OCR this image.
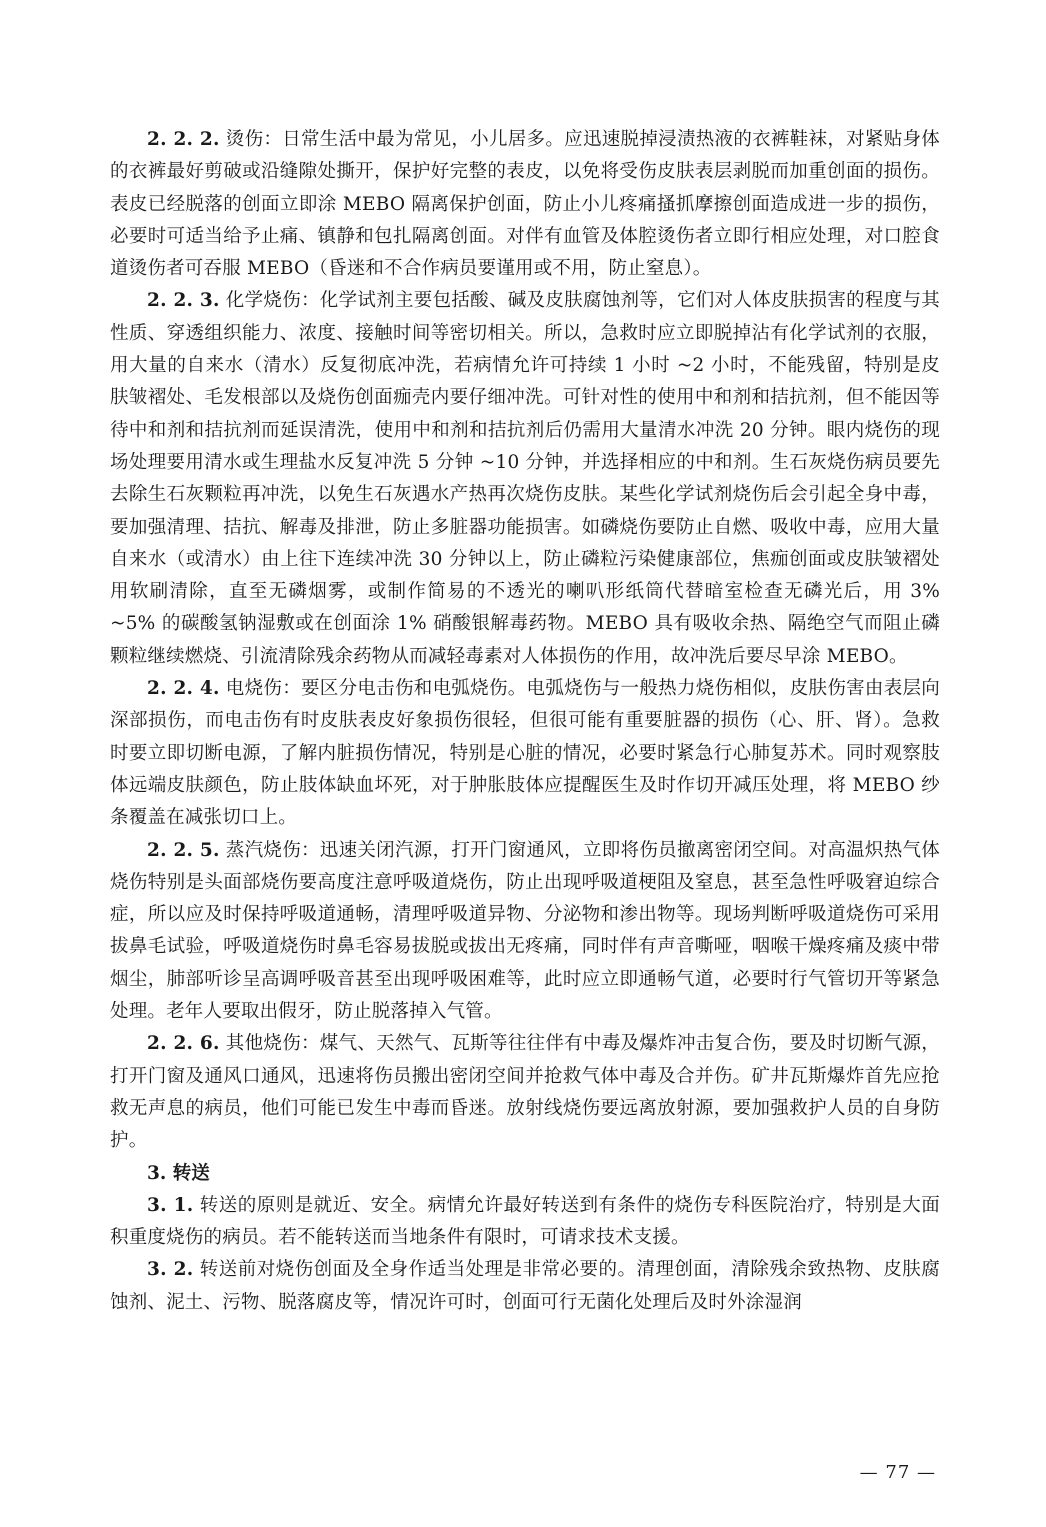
2. 2. 2. 烫伤：日常生活中最为常见，小儿居多。应迅速脱掉浸渍热液的衣裤鞋袜，对紧贴身体的衣裤最好剪破或沿缝隙处撕开，保护好完整的表皮，以免将受伤皮肤表层剥脱而加重创面的损伤。表皮已经脱落的创面立即涂 MEBO 隔离保护创面，防止小儿疼痛搔抓摩擦创面造成进一步的损伤，必要时可适当给予止痛、镇静和包扎隔离创面。对伴有血管及体腔烫伤者立即行相应处理，对口腔食道烫伤者可吞服 MEBO（昏迷和不合作病员要谨用或不用，防止窒息）。

2. 2. 3. 化学烧伤：化学试剂主要包括酸、碱及皮肤腐蚀剂等，它们对人体皮肤损害的程度与其性质、穿透组织能力、浓度、接触时间等密切相关。所以，急救时应立即脱掉沾有化学试剂的衣服，用大量的自来水（清水）反复彻底冲洗，若病情允许可持续 1 小时 ~2 小时，不能残留，特别是皮肤皱褶处、毛发根部以及烧伤创面痂壳内要仔细冲洗。可针对性的使用中和剂和拮抗剂，但不能因等待中和剂和拮抗剂而延误清洗，使用中和剂和拮抗剂后仍需用大量清水冲洗 20 分钟。眼内烧伤的现场处理要用清水或生理盐水反复冲洗 5 分钟 ~10 分钟，并选择相应的中和剂。生石灰烧伤病员要先去除生石灰颗粒再冲洗，以免生石灰遇水产热再次烧伤皮肤。某些化学试剂烧伤后会引起全身中毒，要加强清理、拮抗、解毒及排泄，防止多脏器功能损害。如磷烧伤要防止自燃、吸收中毒，应用大量自来水（或清水）由上往下连续冲洗 30 分钟以上，防止磷粒污染健康部位，焦痂创面或皮肤皱褶处用软刷清除，直至无磷烟雾，或制作简易的不透光的喇叭形纸筒代替暗室检查无磷光后，用 3% ~5% 的碳酸氢钠湿敷或在创面涂 1% 硝酸银解毒药物。MEBO 具有吸收余热、隔绝空气而阻止磷颗粒继续燃烧、引流清除残余药物从而减轻毒素对人体损伤的作用，故冲洗后要尽早涂 MEBO。

2. 2. 4. 电烧伤：要区分电击伤和电弧烧伤。电弧烧伤与一般热力烧伤相似，皮肤伤害由表层向深部损伤，而电击伤有时皮肤表皮好象损伤很轻，但很可能有重要脏器的损伤（心、肝、肾）。急救时要立即切断电源，了解内脏损伤情况，特别是心脏的情况，必要时紧急行心肺复苏术。同时观察肢体远端皮肤颜色，防止肢体缺血坏死，对于肿胀肢体应提醒医生及时作切开减压处理，将 MEBO 纱条覆盖在减张切口上。

2. 2. 5. 蒸汽烧伤：迅速关闭汽源，打开门窗通风，立即将伤员撤离密闭空间。对高温炽热气体烧伤特别是头面部烧伤要高度注意呼吸道烧伤，防止出现呼吸道梗阻及窒息，甚至急性呼吸窘迫综合症，所以应及时保持呼吸道通畅，清理呼吸道异物、分泌物和渗出物等。现场判断呼吸道烧伤可采用拔鼻毛试验，呼吸道烧伤时鼻毛容易拔脱或拔出无疼痛，同时伴有声音嘶哑，咽喉干燥疼痛及痰中带烟尘，肺部听诊呈高调呼吸音甚至出现呼吸困难等，此时应立即通畅气道，必要时行气管切开等紧急处理。老年人要取出假牙，防止脱落掉入气管。

2. 2. 6. 其他烧伤：煤气、天然气、瓦斯等往往伴有中毒及爆炸冲击复合伤，要及时切断气源，打开门窗及通风口通风，迅速将伤员搬出密闭空间并抢救气体中毒及合并伤。矿井瓦斯爆炸首先应抢救无声息的病员，他们可能已发生中毒而昏迷。放射线烧伤要远离放射源，要加强救护人员的自身防护。

3. 转送

3. 1. 转送的原则是就近、安全。病情允许最好转送到有条件的烧伤专科医院治疗，特别是大面积重度烧伤的病员。若不能转送而当地条件有限时，可请求技术支援。

3. 2. 转送前对烧伤创面及全身作适当处理是非常必要的。清理创面，清除残余致热物、皮肤腐蚀剂、泥土、污物、脱落腐皮等，情况许可时，创面可行无菌化处理后及时外涂湿润

— 77 —
